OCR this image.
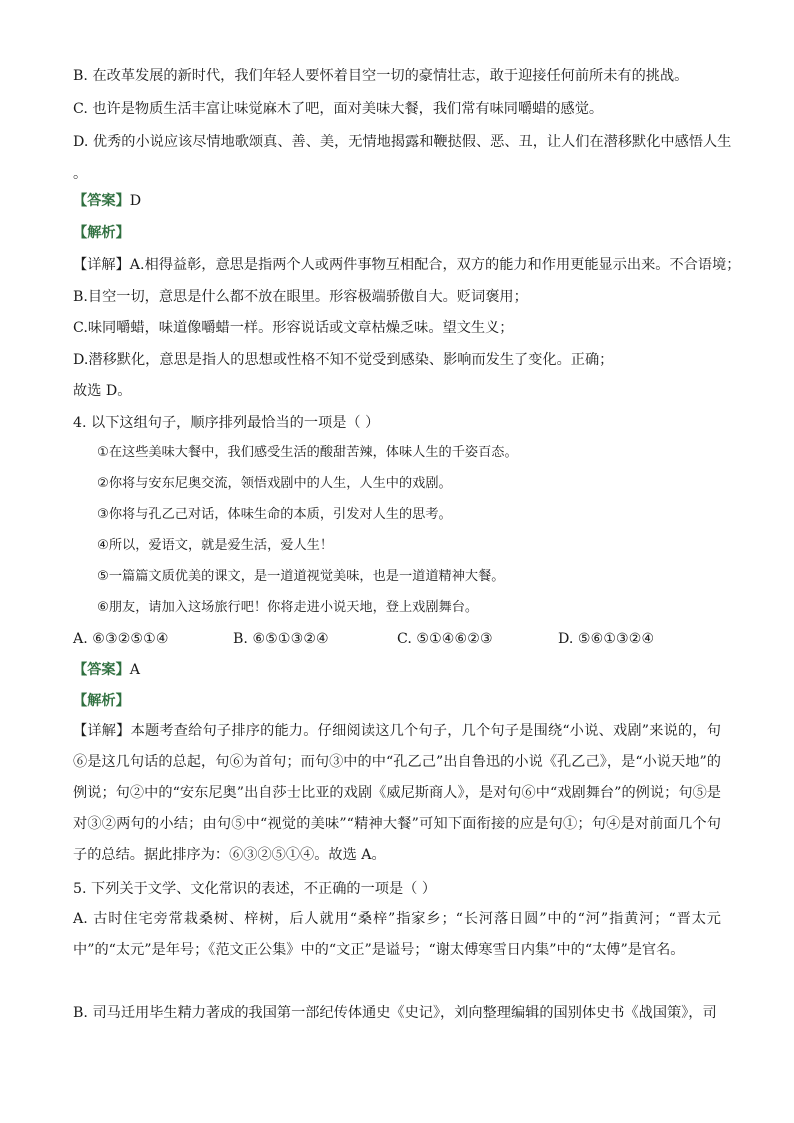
B. 在改革发展的新时代，我们年轻人要怀着目空一切的豪情壮志，敢于迎接任何前所未有的挑战。
C. 也许是物质生活丰富让味觉麻木了吧，面对美味大餐，我们常有味同嚼蜡的感觉。
D. 优秀的小说应该尽情地歌颂真、善、美，无情地揭露和鞭挞假、恶、丑，让人们在潜移默化中感悟人生
。
【答案】D
【解析】
【详解】A.相得益彰，意思是指两个人或两件事物互相配合，双方的能力和作用更能显示出来。不合语境；
B.目空一切，意思是什么都不放在眼里。形容极端骄傲自大。贬词褒用；
C.味同嚼蜡，味道像嚼蜡一样。形容说话或文章枯燥乏味。望文生义；
D.潜移默化，意思是指人的思想或性格不知不觉受到感染、影响而发生了变化。正确；
故选 D。
4. 以下这组句子，顺序排列最恰当的一项是（ ）
①在这些美味大餐中，我们感受生活的酸甜苦辣，体味人生的千姿百态。
②你将与安东尼奥交流，领悟戏剧中的人生，人生中的戏剧。
③你将与孔乙己对话，体味生命的本质，引发对人生的思考。
④所以，爱语文，就是爱生活，爱人生！
⑤一篇篇文质优美的课文，是一道道视觉美味，也是一道道精神大餐。
⑥朋友，请加入这场旅行吧！你将走进小说天地，登上戏剧舞台。
A. ⑥③②⑤①④	B. ⑥⑤①③②④	C. ⑤①④⑥②③	D. ⑤⑥①③②④
【答案】A
【解析】
【详解】本题考查给句子排序的能力。仔细阅读这几个句子，几个句子是围绕“小说、戏剧”来说的，句⑥是这几句话的总起，句⑥为首句；而句③中的中“孔乙己”出自鲁迅的小说《孔乙己》，是“小说天地”的例说；句②中的“安东尼奥”出自莎士比亚的戏剧《威尼斯商人》，是对句⑥中“戏剧舞台”的例说；句⑤是对③②两句的小结；由句⑤中“视觉的美味”“精神大餐”可知下面衔接的应是句①；句④是对前面几个句子的总结。据此排序为：⑥③②⑤①④。故选 A。
5. 下列关于文学、文化常识的表述，不正确的一项是（ ）
A. 古时住宅旁常栽桑树、梓树，后人就用“桑梓”指家乡；“长河落日圆”中的“河”指黄河；“晋太元中”的“太元”是年号；《范文正公集》中的“文正”是谥号；“谢太傅寒雪日内集”中的“太傅”是官名。
B. 司马迁用毕生精力著成的我国第一部纪传体通史《史记》，刘向整理编辑的国别体史书《战国策》，司
